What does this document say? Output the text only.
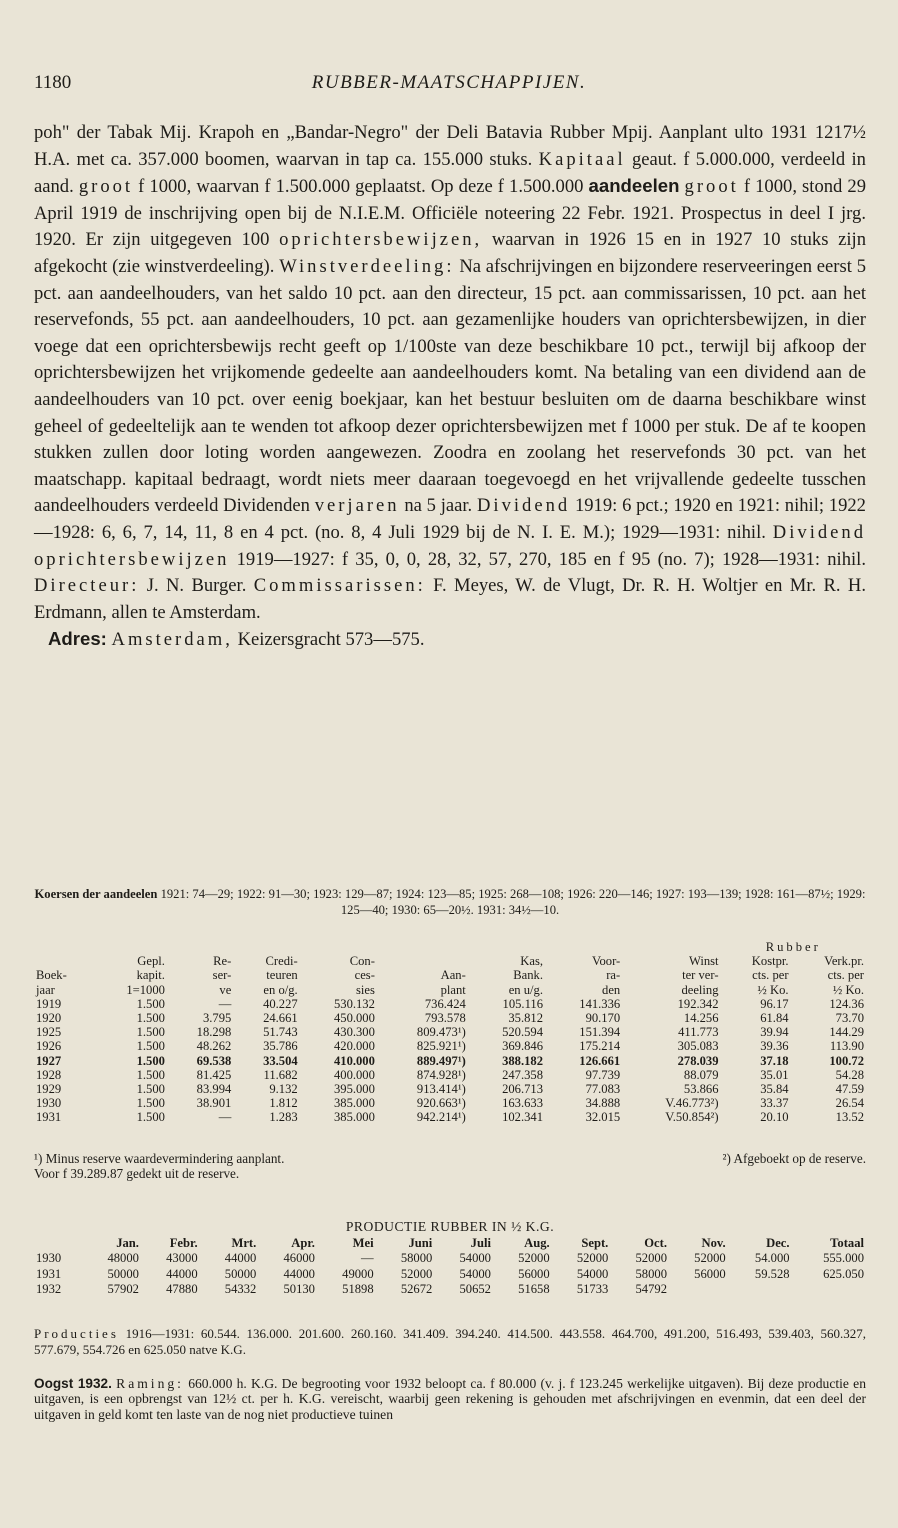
1180	RUBBER-MAATSCHAPPIJEN.

poh" der Tabak Mij. Krapoh en „Bandar-Negro" der Deli Batavia Rubber Mpij. Aanplant ulto 1931 1217½ H.A. met ca. 357.000 boomen, waarvan in tap ca. 155.000 stuks. Kapitaal geaut. f 5.000.000, verdeeld in aand. groot f 1000, waarvan f 1.500.000 geplaatst. Op deze f 1.500.000 aandeelen groot f 1000, stond 29 April 1919 de inschrijving open bij de N.I.E.M. Officiële noteering 22 Febr. 1921. Prospectus in deel I jrg. 1920. Er zijn uitgegeven 100 oprichtersbewijzen, waarvan in 1926 15 en in 1927 10 stuks zijn afgekocht (zie winstverdeeling). Winstverdeeling: Na afschrijvingen en bijzondere reserveeringen eerst 5 pct. aan aandeelhouders, van het saldo 10 pct. aan den directeur, 15 pct. aan commissarissen, 10 pct. aan het reservefonds, 55 pct. aan aandeelhouders, 10 pct. aan gezamenlijke houders van oprichtersbewijzen, in dier voege dat een oprichtersbewijs recht geeft op 1/100ste van deze beschikbare 10 pct., terwijl bij afkoop der oprichtersbewijzen het vrijkomende gedeelte aan aandeelhouders komt. Na betaling van een dividend aan de aandeelhouders van 10 pct. over eenig boekjaar, kan het bestuur besluiten om de daarna beschikbare winst geheel of gedeeltelijk aan te wenden tot afkoop dezer oprichtersbewijzen met f 1000 per stuk. De af te koopen stukken zullen door loting worden aangewezen. Zoodra en zoolang het reservefonds 30 pct. van het maatschapp. kapitaal bedraagt, wordt niets meer daaraan toegevoegd en het vrijvallende gedeelte tusschen aandeelhouders verdeeld Dividenden verjaren na 5 jaar. Dividend 1919: 6 pct.; 1920 en 1921: nihil; 1922—1928: 6, 6, 7, 14, 11, 8 en 4 pct. (no. 8, 4 Juli 1929 bij de N. I. E. M.); 1929—1931: nihil. Dividend oprichtersbewijzen 1919—1927: f 35, 0, 0, 28, 32, 57, 270, 185 en f 95 (no. 7); 1928—1931: nihil. Directeur: J. N. Burger. Commissarissen: F. Meyes, W. de Vlugt, Dr. R. H. Woltjer en Mr. R. H. Erdmann, allen te Amsterdam.

Adres: Amsterdam, Keizersgracht 573—575.

Koersen der aandeelen 1921: 74—29; 1922: 91—30; 1923: 129—87; 1924: 123—85; 1925: 268—108; 1926: 220—146; 1927: 193—139; 1928: 161—87½; 1929: 125—40; 1930: 65—20½. 1931: 34½—10.
									Rubber	
	Gepl.	Re-	Credi-	Con-		Kas,	Voor-	Winst	Kostpr.	Verk.pr.
Boek-	kapit.	ser-	teuren	ces-	Aan-	Bank.	ra-	ter ver-	cts. per	cts. per
jaar	1=1000	ve	en o/g.	sies	plant	en u/g.	den	deeling	½ Ko.	½ Ko.
1919	1.500	—	40.227	530.132	736.424	105.116	141.336	192.342	96.17	124.36
1920	1.500	3.795	24.661	450.000	793.578	35.812	90.170	14.256	61.84	73.70
1925	1.500	18.298	51.743	430.300	809.473¹)	520.594	151.394	411.773	39.94	144.29
1926	1.500	48.262	35.786	420.000	825.921¹)	369.846	175.214	305.083	39.36	113.90
1927	1.500	69.538	33.504	410.000	889.497¹)	388.182	126.661	278.039	37.18	100.72
1928	1.500	81.425	11.682	400.000	874.928¹)	247.358	97.739	88.079	35.01	54.28
1929	1.500	83.994	9.132	395.000	913.414¹)	206.713	77.083	53.866	35.84	47.59
1930	1.500	38.901	1.812	385.000	920.663¹)	163.633	34.888	V.46.773²)	33.37	26.54
1931	1.500	—	1.283	385.000	942.214¹)	102.341	32.015	V.50.854²)	20.10	13.52
¹) Minus reserve waardevermindering aanplant.	²) Afgeboekt op de reserve.
Voor f 39.289.87 gedekt uit de reserve.
PRODUCTIE RUBBER IN ½ K.G.
	Jan.	Febr.	Mrt.	Apr.	Mei	Juni	Juli	Aug.	Sept.	Oct.	Nov.	Dec.	Totaal
1930	48000	43000	44000	46000	—	58000	54000	52000	52000	52000	52000	54.000	555.000
1931	50000	44000	50000	44000	49000	52000	54000	56000	54000	58000	56000	59.528	625.050
1932	57902	47880	54332	50130	51898	52672	50652	51658	51733	54792			
Producties 1916—1931: 60.544. 136.000. 201.600. 260.160. 341.409. 394.240. 414.500. 443.558. 464.700, 491.200, 516.493, 539.403, 560.327, 577.679, 554.726 en 625.050 natve K.G.
Oogst 1932. Raming: 660.000 h. K.G. De begrooting voor 1932 beloopt ca. f 80.000 (v. j. f 123.245 werkelijke uitgaven). Bij deze productie en uitgaven, is een opbrengst van 12½ ct. per h. K.G. vereischt, waarbij geen rekening is gehouden met afschrijvingen en evenmin, dat een deel der uitgaven in geld komt ten laste van de nog niet productieve tuinen
